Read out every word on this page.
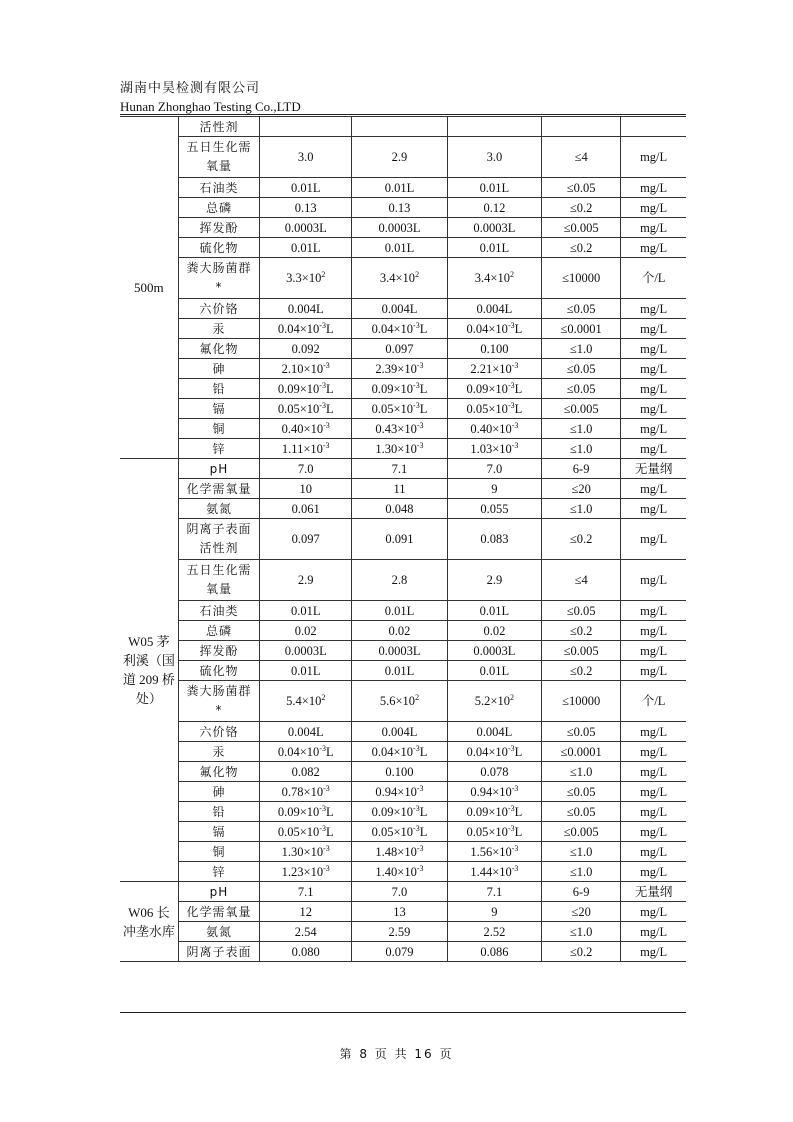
湖南中昊检测有限公司
Hunan Zhonghao Testing Co.,LTD
500m	活性剂					

	五日生化需
氧量	3.0	2.9	3.0	≤4	mg/L

	石油类	0.01L	0.01L	0.01L	≤0.05	mg/L

	总磷	0.13	0.13	0.12	≤0.2	mg/L

	挥发酚	0.0003L	0.0003L	0.0003L	≤0.005	mg/L

	硫化物	0.01L	0.01L	0.01L	≤0.2	mg/L

	粪大肠菌群
*	$3.3\times 10^2$	$3.4\times 10^2$	$3.4\times 10^2$	≤10000	个/L

	六价铬	0.004L	0.004L	0.004L	≤0.05	mg/L

	汞	$0.04\times 10^{-3}L$	$0.04\times 10^{-3}L$	$0.04\times 10^{-3}L$	≤0.0001	mg/L

	氟化物	0.092	0.097	0.100	≤1.0	mg/L

	砷	$2.10\times 10^{-3}$	$2.39\times 10^{-3}$	$2.21\times 10^{-3}$	≤0.05	mg/L

	铅	$0.09\times 10^{-3}L$	$0.09\times 10^{-3}L$	$0.09\times 10^{-3}L$	≤0.05	mg/L

	镉	$0.05\times 10^{-3}L$	$0.05\times 10^{-3}L$	$0.05\times 10^{-3}L$	≤0.005	mg/L

	铜	$0.40\times 10^{-3}$	$0.43\times 10^{-3}$	$0.40\times 10^{-3}$	≤1.0	mg/L

	锌	$1.11\times 10^{-3}$	$1.30\times 10^{-3}$	$1.03\times 10^{-3}$	≤1.0	mg/L
W05 茅利溪（国道 209 桥处）	pH	7.0	7.1	7.0	6-9	无量纲

	化学需氧量	10	11	9	≤20	mg/L

	氨氮	0.061	0.048	0.055	≤1.0	mg/L

	阴离子表面
活性剂	0.097	0.091	0.083	≤0.2	mg/L

	五日生化需
氧量	2.9	2.8	2.9	≤4	mg/L

	石油类	0.01L	0.01L	0.01L	≤0.05	mg/L

	总磷	0.02	0.02	0.02	≤0.2	mg/L

	挥发酚	0.0003L	0.0003L	0.0003L	≤0.005	mg/L

	硫化物	0.01L	0.01L	0.01L	≤0.2	mg/L

	粪大肠菌群
*	$5.4\times 10^2$	$5.6\times 10^2$	$5.2\times 10^2$	≤10000	个/L

	六价铬	0.004L	0.004L	0.004L	≤0.05	mg/L

	汞	$0.04\times 10^{-3}L$	$0.04\times 10^{-3}L$	$0.04\times 10^{-3}L$	≤0.0001	mg/L

	氟化物	0.082	0.100	0.078	≤1.0	mg/L

	砷	$0.78\times 10^{-3}$	$0.94\times 10^{-3}$	$0.94\times 10^{-3}$	≤0.05	mg/L

	铅	$0.09\times 10^{-3}L$	$0.09\times 10^{-3}L$	$0.09\times 10^{-3}L$	≤0.05	mg/L

	镉	$0.05\times 10^{-3}L$	$0.05\times 10^{-3}L$	$0.05\times 10^{-3}L$	≤0.005	mg/L

	铜	$1.30\times 10^{-3}$	$1.48\times 10^{-3}$	$1.56\times 10^{-3}$	≤1.0	mg/L

	锌	$1.23\times 10^{-3}$	$1.40\times 10^{-3}$	$1.44\times 10^{-3}$	≤1.0	mg/L
W06 长冲垄水库	pH	7.1	7.0	7.1	6-9	无量纲

	化学需氧量	12	13	9	≤20	mg/L

	氨氮	2.54	2.59	2.52	≤1.0	mg/L

	阴离子表面	0.080	0.079	0.086	≤0.2	mg/L
第 8 页 共 16 页
